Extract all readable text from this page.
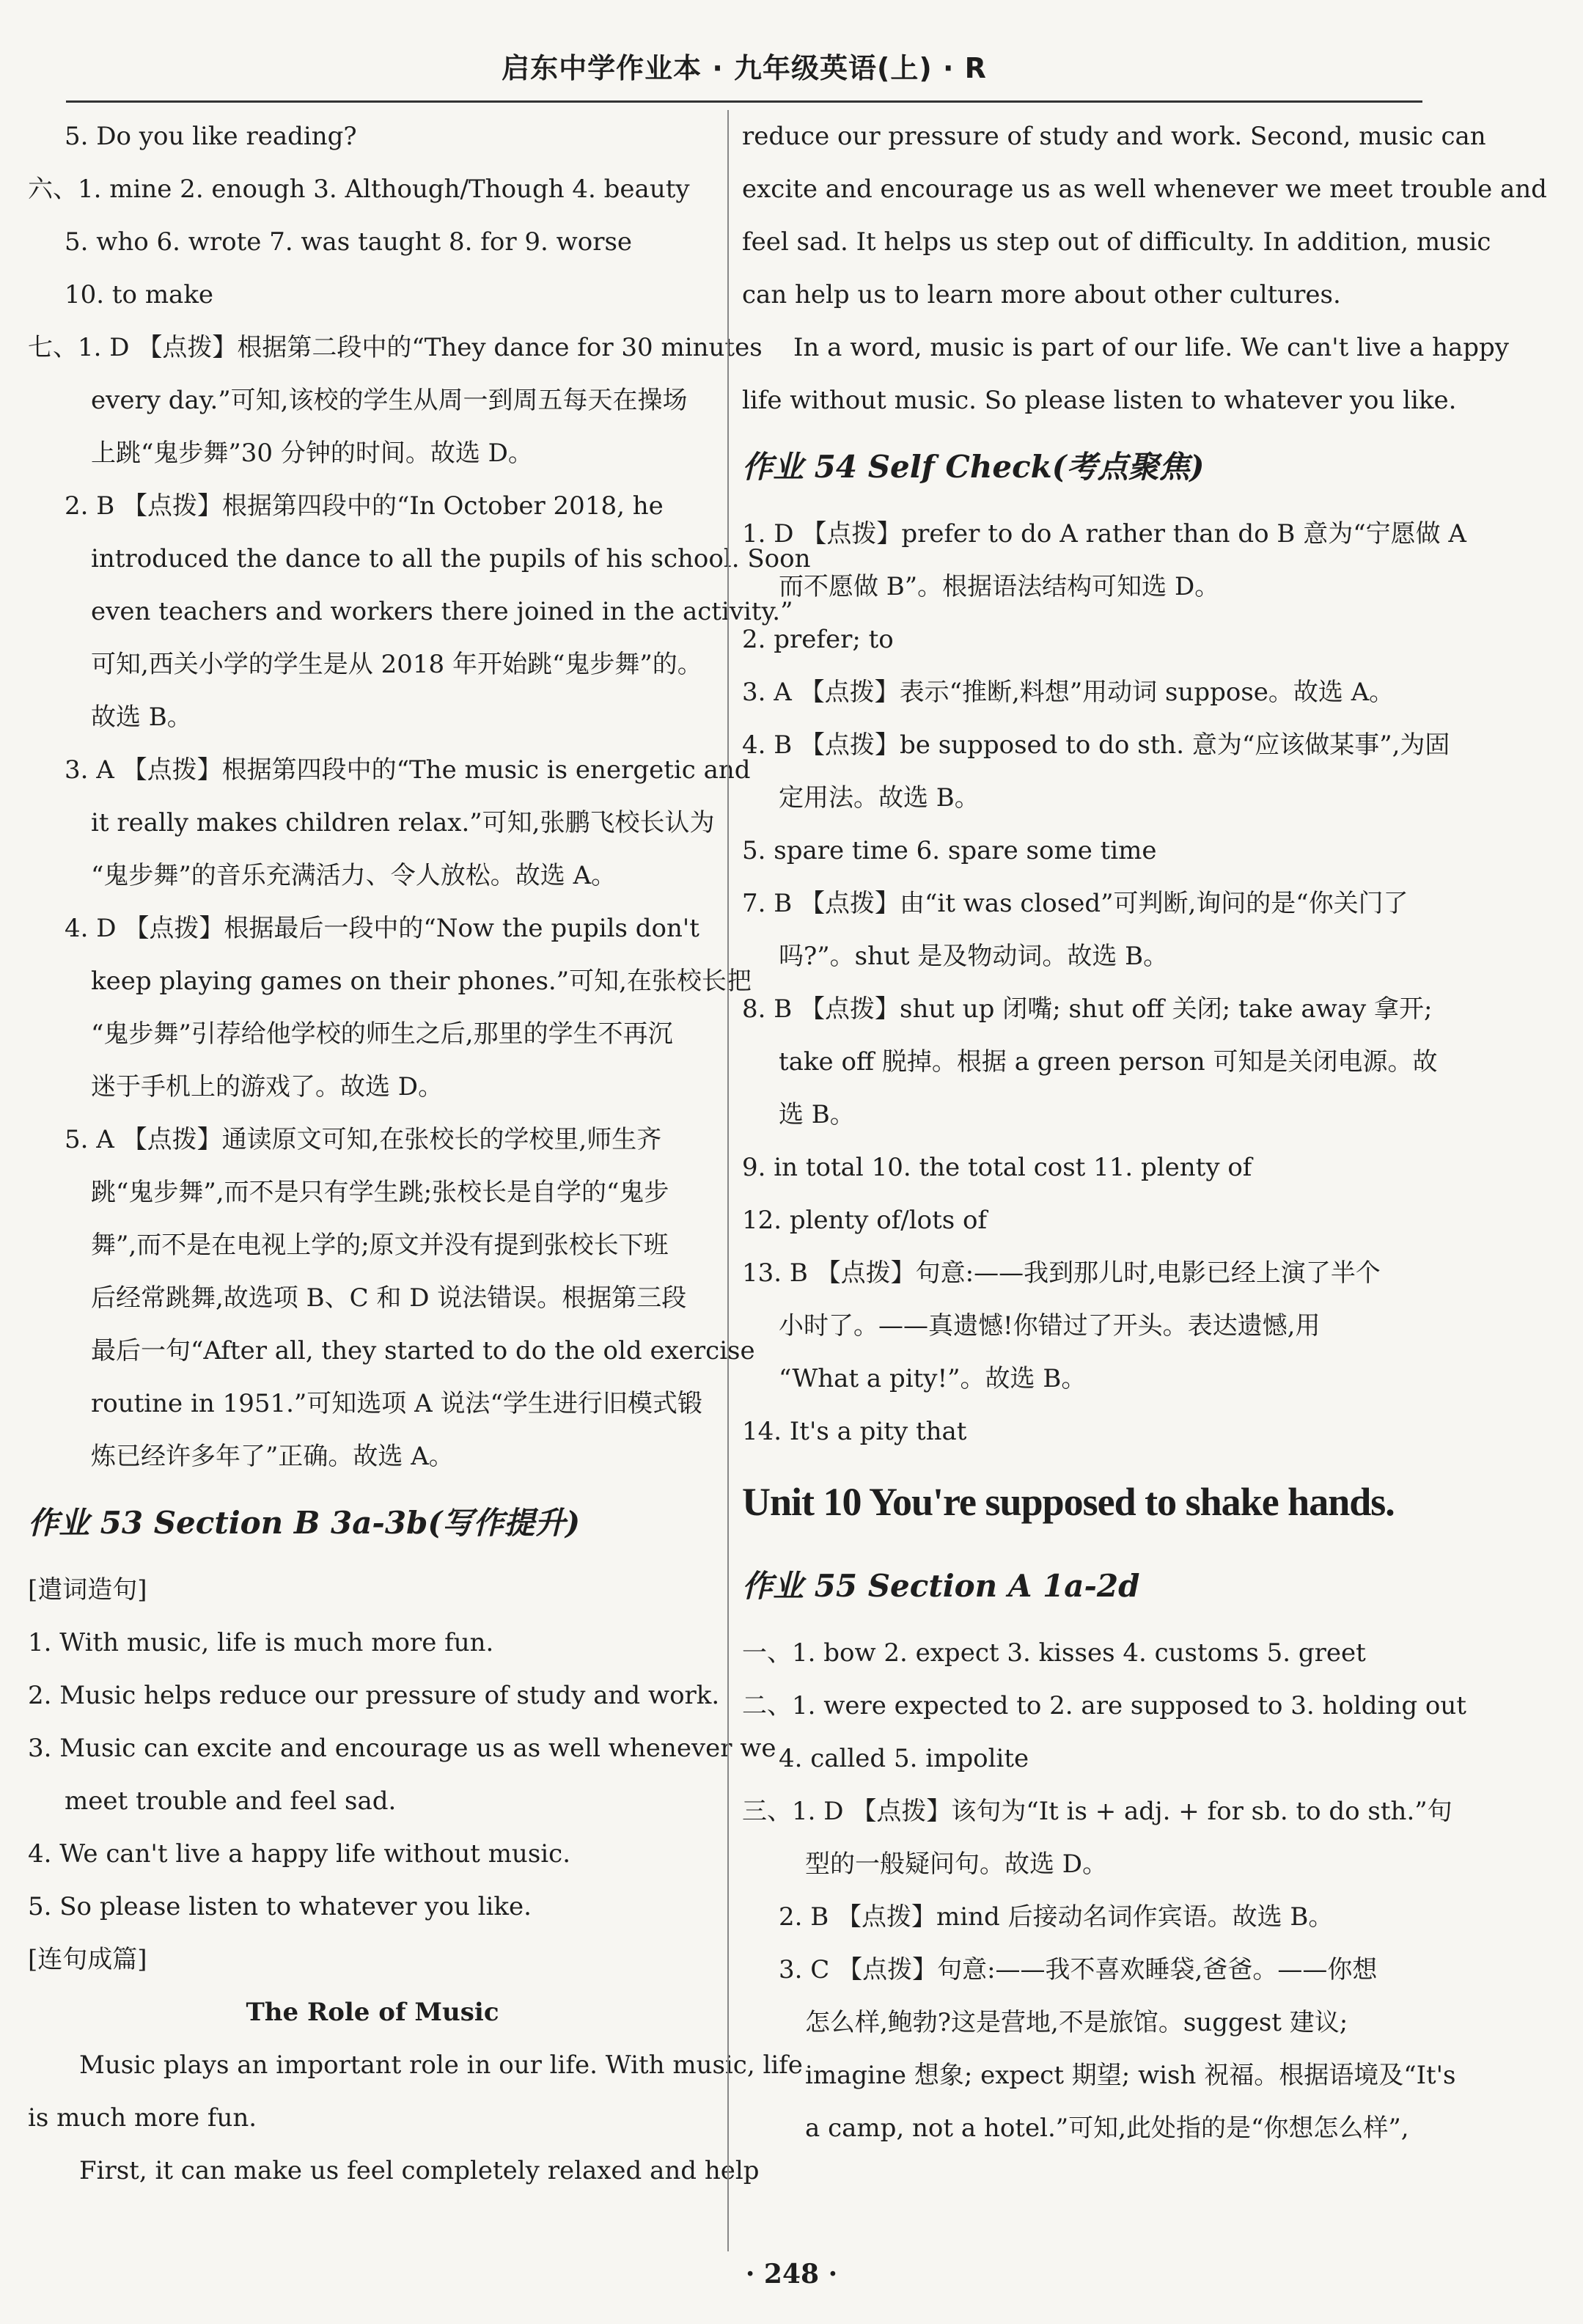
启东中学作业本 · 九年级英语(上) · R
5. Do you like reading?
六、1. mine 2. enough 3. Although/Though 4. beauty
5. who 6. wrote 7. was taught 8. for 9. worse
10. to make
七、1. D 【点拨】根据第二段中的“They dance for 30 minutes
every day.”可知,该校的学生从周一到周五每天在操场
上跳“鬼步舞”30 分钟的时间。故选 D。
2. B 【点拨】根据第四段中的“In October 2018, he
introduced the dance to all the pupils of his school. Soon
even teachers and workers there joined in the activity.”
可知,西关小学的学生是从 2018 年开始跳“鬼步舞”的。
故选 B。
3. A 【点拨】根据第四段中的“The music is energetic and
it really makes children relax.”可知,张鹏飞校长认为
“鬼步舞”的音乐充满活力、令人放松。故选 A。
4. D 【点拨】根据最后一段中的“Now the pupils don't
keep playing games on their phones.”可知,在张校长把
“鬼步舞”引荐给他学校的师生之后,那里的学生不再沉
迷于手机上的游戏了。故选 D。
5. A 【点拨】通读原文可知,在张校长的学校里,师生齐
跳“鬼步舞”,而不是只有学生跳;张校长是自学的“鬼步
舞”,而不是在电视上学的;原文并没有提到张校长下班
后经常跳舞,故选项 B、C 和 D 说法错误。根据第三段
最后一句“After all, they started to do the old exercise
routine in 1951.”可知选项 A 说法“学生进行旧模式锻
炼已经许多年了”正确。故选 A。
作业 53 Section B 3a-3b(写作提升)
[遣词造句]
1. With music, life is much more fun.
2. Music helps reduce our pressure of study and work.
3. Music can excite and encourage us as well whenever we
meet trouble and feel sad.
4. We can't live a happy life without music.
5. So please listen to whatever you like.
[连句成篇]
The Role of Music
Music plays an important role in our life. With music, life
is much more fun.
First, it can make us feel completely relaxed and help
reduce our pressure of study and work. Second, music can
excite and encourage us as well whenever we meet trouble and
feel sad. It helps us step out of difficulty. In addition, music
can help us to learn more about other cultures.
In a word, music is part of our life. We can't live a happy
life without music. So please listen to whatever you like.
作业 54 Self Check(考点聚焦)
1. D 【点拨】prefer to do A rather than do B 意为“宁愿做 A
而不愿做 B”。根据语法结构可知选 D。
2. prefer; to
3. A 【点拨】表示“推断,料想”用动词 suppose。故选 A。
4. B 【点拨】be supposed to do sth. 意为“应该做某事”,为固
定用法。故选 B。
5. spare time 6. spare some time
7. B 【点拨】由“it was closed”可判断,询问的是“你关门了
吗?”。shut 是及物动词。故选 B。
8. B 【点拨】shut up 闭嘴; shut off 关闭; take away 拿开;
take off 脱掉。根据 a green person 可知是关闭电源。故
选 B。
9. in total 10. the total cost 11. plenty of
12. plenty of/lots of
13. B 【点拨】句意:——我到那儿时,电影已经上演了半个
小时了。——真遗憾!你错过了开头。表达遗憾,用
“What a pity!”。故选 B。
14. It's a pity that
Unit 10 You're supposed to shake hands.
作业 55 Section A 1a-2d
一、1. bow 2. expect 3. kisses 4. customs 5. greet
二、1. were expected to 2. are supposed to 3. holding out
4. called 5. impolite
三、1. D 【点拨】该句为“It is + adj. + for sb. to do sth.”句
型的一般疑问句。故选 D。
2. B 【点拨】mind 后接动名词作宾语。故选 B。
3. C 【点拨】句意:——我不喜欢睡袋,爸爸。——你想
怎么样,鲍勃?这是营地,不是旅馆。suggest 建议;
imagine 想象; expect 期望; wish 祝福。根据语境及“It's
a camp, not a hotel.”可知,此处指的是“你想怎么样”,
· 248 ·
